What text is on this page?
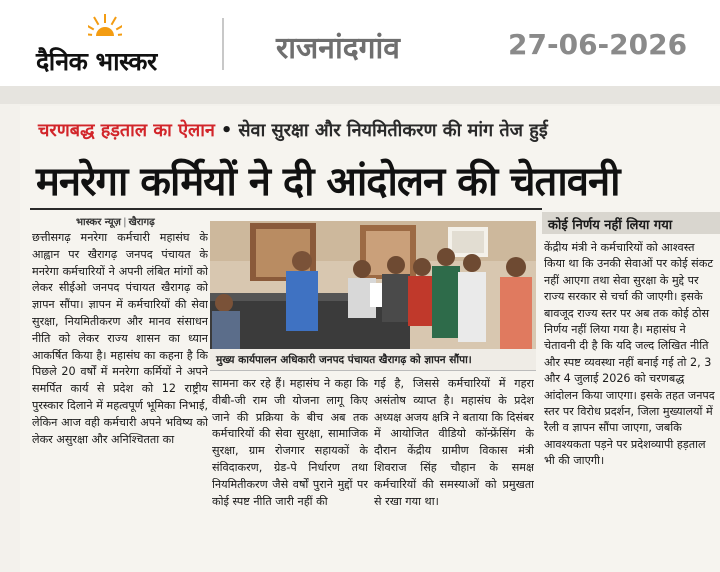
दैनिक भास्कर	राजनांदगांव	27-06-2026
चरणबद्ध हड़ताल का ऐलान • सेवा सुरक्षा और नियमितीकरण की मांग तेज हुई
मनरेगा कर्मियों ने दी आंदोलन की चेतावनी
भास्कर न्यूज़ | खैरागढ़
छत्तीसगढ़ मनरेगा कर्मचारी महासंघ के आह्वान पर खैरागढ़ जनपद पंचायत के मनरेगा कर्मचारियों ने अपनी लंबित मांगों को लेकर सीईओ जनपद पंचायत खैरागढ़ को ज्ञापन सौंपा। ज्ञापन में कर्मचारियों की सेवा सुरक्षा, नियमितीकरण और मानव संसाधन नीति को लेकर राज्य शासन का ध्यान आकर्षित किया है। महासंघ का कहना है कि पिछले 20 वर्षों में मनरेगा कर्मियों ने अपने समर्पित कार्य से प्रदेश को 12 राष्ट्रीय पुरस्कार दिलाने में महत्वपूर्ण भूमिका निभाई, लेकिन आज वही कर्मचारी अपने भविष्य को लेकर असुरक्षा और अनिश्चितता का
मुख्य कार्यपालन अधिकारी जनपद पंचायत खैरागढ़ को ज्ञापन सौंपा।
सामना कर रहे हैं। महासंघ ने कहा कि वीबी-जी राम जी योजना लागू किए जाने की प्रक्रिया के बीच अब तक कर्मचारियों की सेवा सुरक्षा, सामाजिक सुरक्षा, ग्राम रोजगार सहायकों के संविदाकरण, ग्रेड-पे निर्धारण तथा नियमितीकरण जैसे वर्षों पुराने मुद्दों पर कोई स्पष्ट नीति जारी नहीं की
गई है, जिससे कर्मचारियों में गहरा असंतोष व्याप्त है। महासंघ के प्रदेश अध्यक्ष अजय क्षत्रि ने बताया कि दिसंबर में आयोजित वीडियो कॉन्फ्रेंसिंग के दौरान केंद्रीय ग्रामीण विकास मंत्री शिवराज सिंह चौहान के समक्ष कर्मचारियों की समस्याओं को प्रमुखता से रखा गया था।
कोई निर्णय नहीं लिया गया
केंद्रीय मंत्री ने कर्मचारियों को आश्वस्त किया था कि उनकी सेवाओं पर कोई संकट नहीं आएगा तथा सेवा सुरक्षा के मुद्दे पर राज्य सरकार से चर्चा की जाएगी। इसके बावजूद राज्य स्तर पर अब तक कोई ठोस निर्णय नहीं लिया गया है। महासंघ ने चेतावनी दी है कि यदि जल्द लिखित नीति और स्पष्ट व्यवस्था नहीं बनाई गई तो 2, 3 और 4 जुलाई 2026 को चरणबद्ध आंदोलन किया जाएगा। इसके तहत जनपद स्तर पर विरोध प्रदर्शन, जिला मुख्यालयों में रैली व ज्ञापन सौंपा जाएगा, जबकि आवश्यकता पड़ने पर प्रदेशव्यापी हड़ताल भी की जाएगी।
